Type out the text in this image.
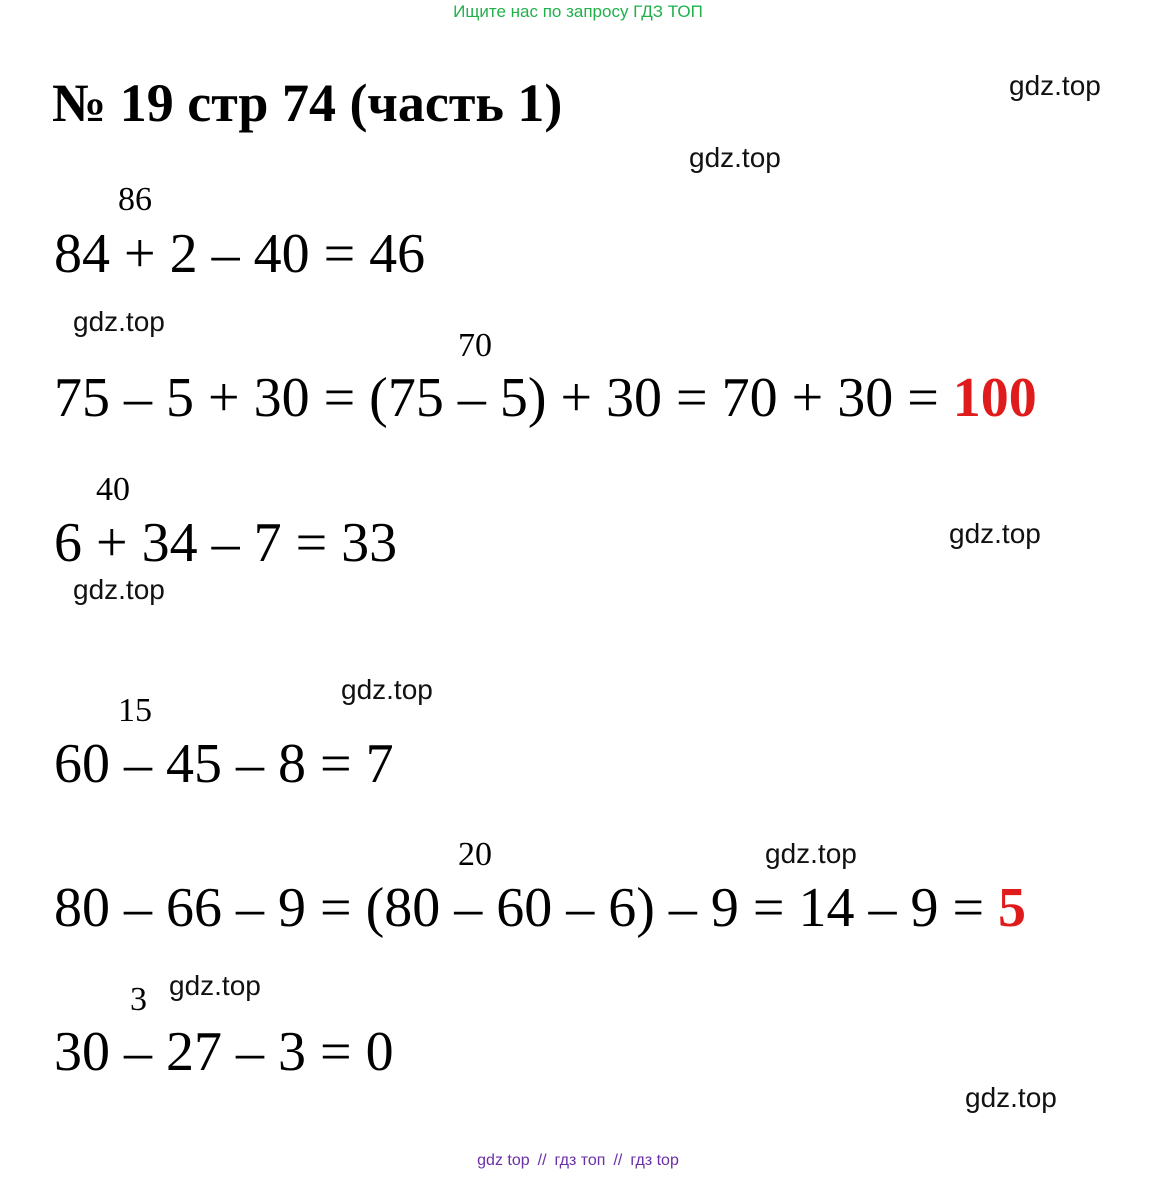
Ищите нас по запросу ГДЗ ТОП
№ 19 стр 74 (часть 1)	gdz.top
gdz.top
gdz.top
gdz.top
gdz.top
gdz.top
gdz.top
gdz.top
gdz.top
86
84 + 2 – 40 = 46
70
75 – 5 + 30 = (75 – 5) + 30 = 70 + 30 = 100
40
6 + 34 – 7 = 33
15
60 – 45 – 8 = 7
20
80 – 66 – 9 = (80 – 60 – 6) – 9 = 14 – 9 = 5
3
30 – 27 – 3 = 0
gdz top // гдз топ // гдз top
